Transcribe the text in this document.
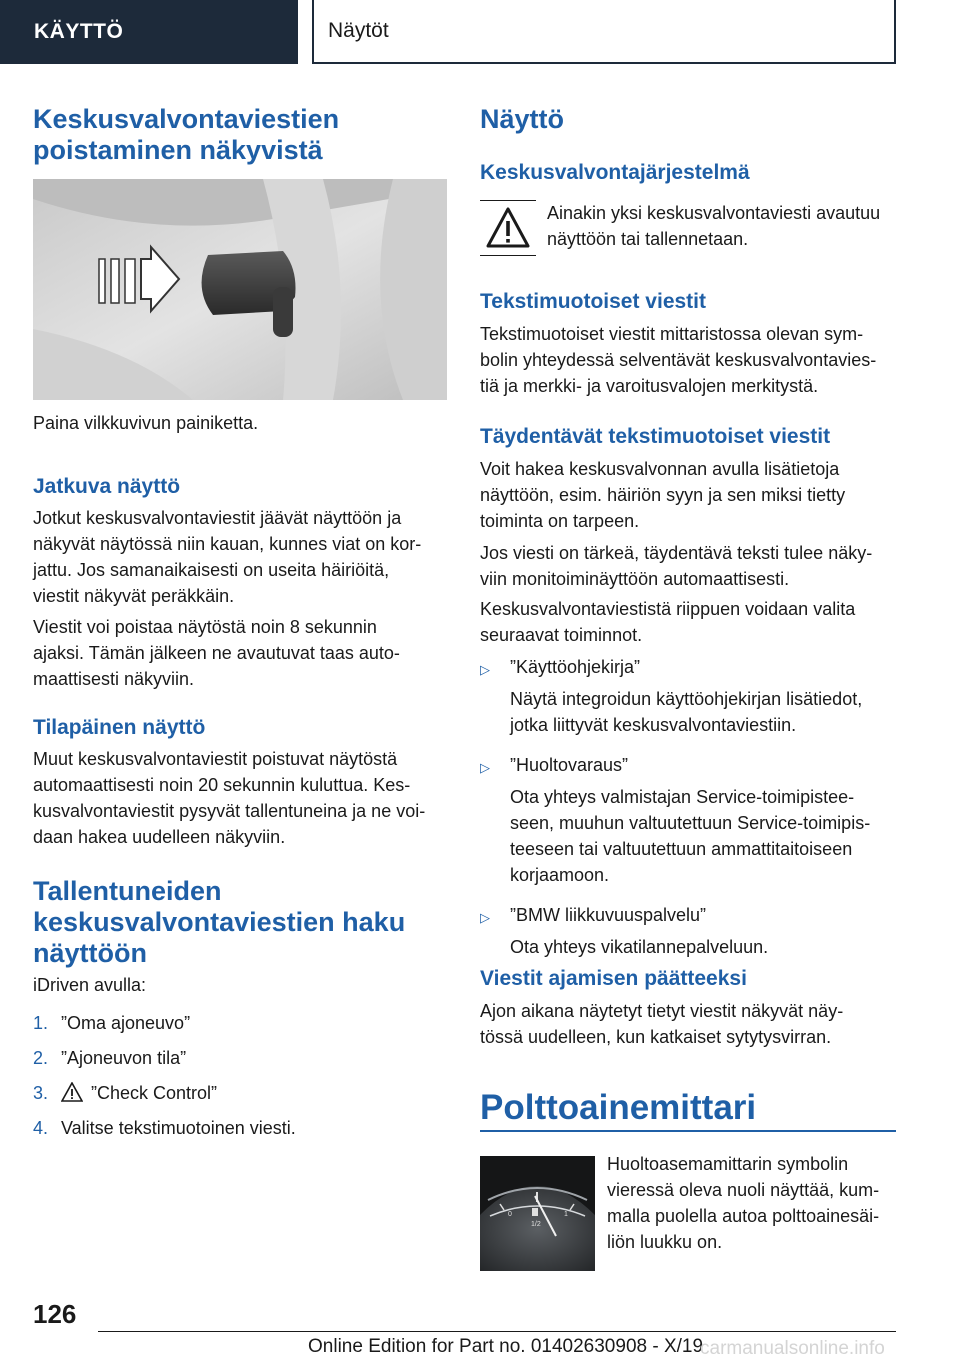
KÄYTTÖ	Näytöt
Keskusvalvontaviestien
poistaminen näkyvistä
Paina vilkkuvivun painiketta.
Jatkuva näyttö
Jotkut keskusvalvontaviestit jäävät näyttöön ja
näkyvät näytössä niin kauan, kunnes viat on kor‐
jattu. Jos samanaikaisesti on useita häiriöitä,
viestit näkyvät peräkkäin.
Viestit voi poistaa näytöstä noin 8 sekunnin
ajaksi. Tämän jälkeen ne avautuvat taas auto‐
maattisesti näkyviin.
Tilapäinen näyttö
Muut keskusvalvontaviestit poistuvat näytöstä
automaattisesti noin 20 sekunnin kuluttua. Kes‐
kusvalvontaviestit pysyvät tallentuneina ja ne voi‐
daan hakea uudelleen näkyviin.
Tallentuneiden
keskusvalvontaviestien haku
näyttöön
iDriven avulla:
1. ”Oma ajoneuvo”
2. ”Ajoneuvon tila”
3. ”Check Control”
4. Valitse tekstimuotoinen viesti.
Näyttö
Keskusvalvontajärjestelmä
Ainakin yksi keskusvalvontaviesti avautuu
näyttöön tai tallennetaan.
Tekstimuotoiset viestit
Tekstimuotoiset viestit mittaristossa olevan sym‐
bolin yhteydessä selventävät keskusvalvontavies‐
tiä ja merkki- ja varoitusvalojen merkitystä.
Täydentävät tekstimuotoiset viestit
Voit hakea keskusvalvonnan avulla lisätietoja
näyttöön, esim. häiriön syyn ja sen miksi tietty
toiminta on tarpeen.
Jos viesti on tärkeä, täydentävä teksti tulee näky‐
viin monitoiminäyttöön automaattisesti.
Keskusvalvontaviestistä riippuen voidaan valita
seuraavat toiminnot.
▷ ”Käyttöohjekirja”
Näytä integroidun käyttöohjekirjan lisätiedot,
jotka liittyvät keskusvalvontaviestiin.
▷ ”Huoltovaraus”
Ota yhteys valmistajan Service-toimipistee‐
seen, muuhun valtuutettuun Service-toimipis‐
teeseen tai valtuutettuun ammattitaitoiseen
korjaamoon.
▷ ”BMW liikkuvuuspalvelu”
Ota yhteys vikatilannepalveluun.
Viestit ajamisen päätteeksi
Ajon aikana näytetyt tietyt viestit näkyvät näy‐
tössä uudelleen, kun katkaiset sytytysvirran.
Polttoainemittari
0
1/2
1
Huoltoasemamittarin symbolin
vieressä oleva nuoli näyttää, kum‐
malla puolella autoa polttoainesäi‐
liön luukku on.
126
Online Edition for Part no. 01402630908 - X/19
carmanualsonline.info
